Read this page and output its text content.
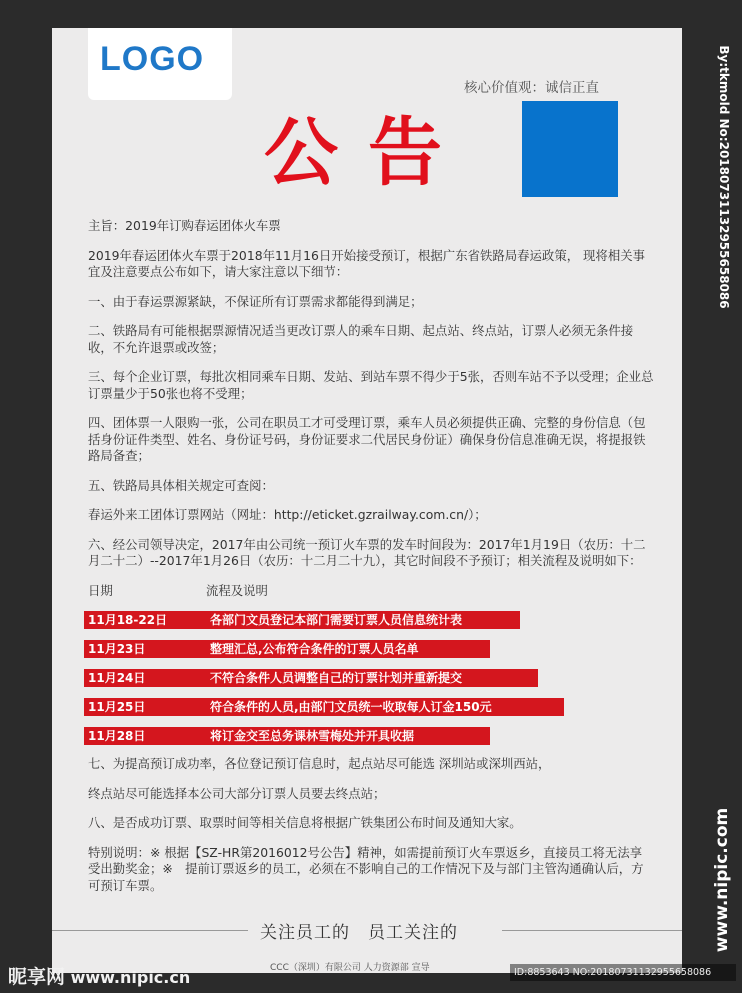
LOGO
核心价值观：诚信正直
公告

主旨：2019年订购春运团体火车票

2019年春运团体火车票于2018年11月16日开始接受预订，根据广东省铁路局春运政策， 现将相关事宜及注意要点公布如下，请大家注意以下细节：

一、由于春运票源紧缺，不保证所有订票需求都能得到满足；

二、铁路局有可能根据票源情况适当更改订票人的乘车日期、起点站、终点站，订票人必须无条件接收，不允许退票或改签；

三、每个企业订票，每批次相同乘车日期、发站、到站车票不得少于5张，否则车站不予以受理；企业总订票量少于50张也将不受理；

四、团体票一人限购一张，公司在职员工才可受理订票，乘车人员必须提供正确、完整的身份信息（包括身份证件类型、姓名、身份证号码，身份证要求二代居民身份证）确保身份信息准确无误，将提报铁路局备查；

五、铁路局具体相关规定可查阅：

春运外来工团体订票网站（网址：http://eticket.gzrailway.com.cn/）；

六、经公司领导决定，2017年由公司统一预订火车票的发车时间段为：2017年1月19日（农历：十二月二十二）--2017年1月26日（农历：十二月二十九），其它时间段不予预订；相关流程及说明如下：

日期	流程及说明
11月18-22日	各部门文员登记本部门需要订票人员信息统计表
11月23日	整理汇总,公布符合条件的订票人员名单
11月24日	不符合条件人员调整自己的订票计划并重新提交
11月25日	符合条件的人员,由部门文员统一收取每人订金150元
11月28日	将订金交至总务课林雪梅处并开具收据

七、为提高预订成功率，各位登记预订信息时，起点站尽可能选 深圳站或深圳西站，

终点站尽可能选择本公司大部分订票人员要去终点站；

八、是否成功订票、取票时间等相关信息将根据广铁集团公布时间及通知大家。

特别说明：※ 根据【SZ-HR第2016012号公告】精神，如需提前预订火车票返乡，直接员工将无法享受出勤奖金；※　提前订票返乡的员工，必须在不影响自己的工作情况下及与部门主管沟通确认后，方可预订车票。

关注员工的　员工关注的
CCC（深圳）有限公司 人力资源部 宣导
By:tkmold No:20180731132955658086
www.nipic.com
昵享网 www.nipic.cn	ID:8853643 NO:20180731132955658086
